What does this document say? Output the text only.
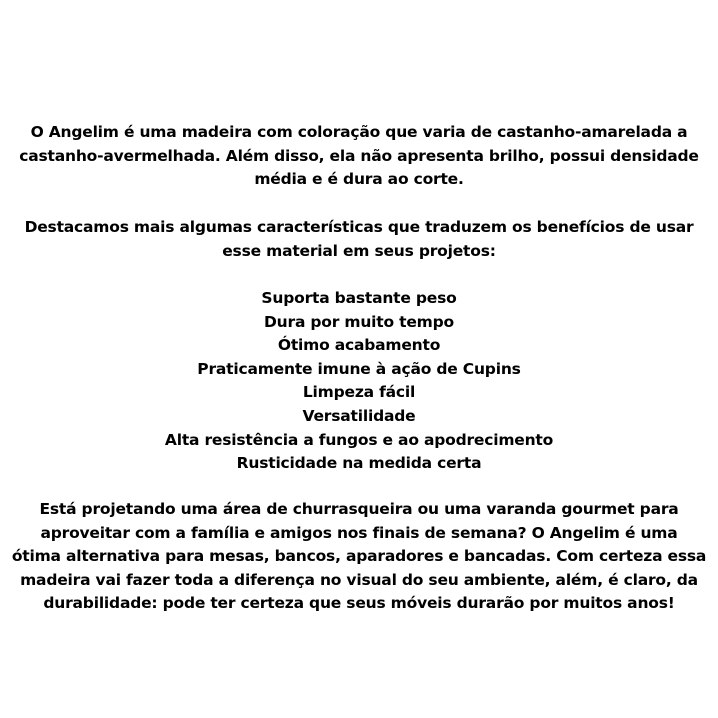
O Angelim é uma madeira com coloração que varia de castanho-amarelada a
castanho-avermelhada. Além disso, ela não apresenta brilho, possui densidade
média e é dura ao corte.
Destacamos mais algumas características que traduzem os benefícios de usar
esse material em seus projetos:
Suporta bastante peso
Dura por muito tempo
Ótimo acabamento
Praticamente imune à ação de Cupins
Limpeza fácil
Versatilidade
Alta resistência a fungos e ao apodrecimento
Rusticidade na medida certa
Está projetando uma área de churrasqueira ou uma varanda gourmet para
aproveitar com a família e amigos nos finais de semana? O Angelim é uma
ótima alternativa para mesas, bancos, aparadores e bancadas. Com certeza essa
madeira vai fazer toda a diferença no visual do seu ambiente, além, é claro, da
durabilidade: pode ter certeza que seus móveis durarão por muitos anos!
